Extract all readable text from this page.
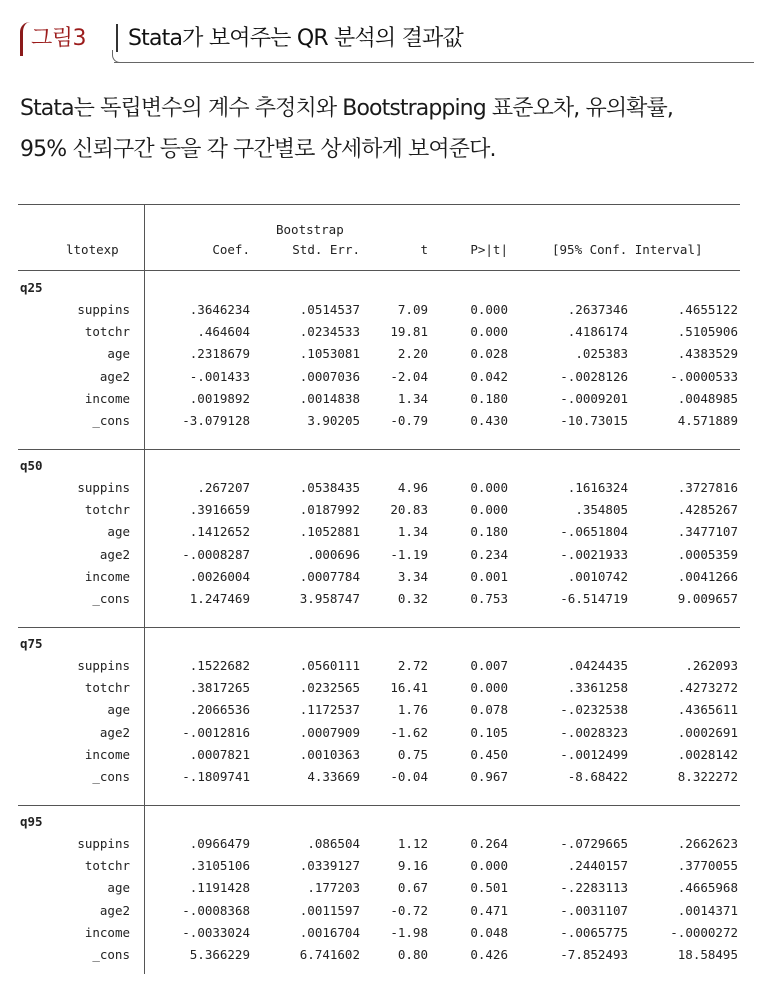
그림3	Stata가 보여주는 QR 분석의 결과값
Stata는 독립변수의 계수 추정치와 Bootstrapping 표준오차, 유의확률,
95% 신뢰구간 등을 각 구간별로 상세하게 보여준다.
ltotexp
Bootstrap
Coef.	Std. Err.	t	P>|t|	[95% Conf. Interval]
q25
suppins	.3646234	.0514537	7.09	0.000	.2637346	.4655122
totchr	.464604	.0234533	19.81	0.000	.4186174	.5105906
age	.2318679	.1053081	2.20	0.028	.025383	.4383529
age2	-.001433	.0007036	-2.04	0.042	-.0028126	-.0000533
income	.0019892	.0014838	1.34	0.180	-.0009201	.0048985
_cons	-3.079128	3.90205	-0.79	0.430	-10.73015	4.571889
q50
suppins	.267207	.0538435	4.96	0.000	.1616324	.3727816
totchr	.3916659	.0187992	20.83	0.000	.354805	.4285267
age	.1412652	.1052881	1.34	0.180	-.0651804	.3477107
age2	-.0008287	.000696	-1.19	0.234	-.0021933	.0005359
income	.0026004	.0007784	3.34	0.001	.0010742	.0041266
_cons	1.247469	3.958747	0.32	0.753	-6.514719	9.009657
q75
suppins	.1522682	.0560111	2.72	0.007	.0424435	.262093
totchr	.3817265	.0232565	16.41	0.000	.3361258	.4273272
age	.2066536	.1172537	1.76	0.078	-.0232538	.4365611
age2	-.0012816	.0007909	-1.62	0.105	-.0028323	.0002691
income	.0007821	.0010363	0.75	0.450	-.0012499	.0028142
_cons	-.1809741	4.33669	-0.04	0.967	-8.68422	8.322272
q95
suppins	.0966479	.086504	1.12	0.264	-.0729665	.2662623
totchr	.3105106	.0339127	9.16	0.000	.2440157	.3770055
age	.1191428	.177203	0.67	0.501	-.2283113	.4665968
age2	-.0008368	.0011597	-0.72	0.471	-.0031107	.0014371
income	-.0033024	.0016704	-1.98	0.048	-.0065775	-.0000272
_cons	5.366229	6.741602	0.80	0.426	-7.852493	18.58495
